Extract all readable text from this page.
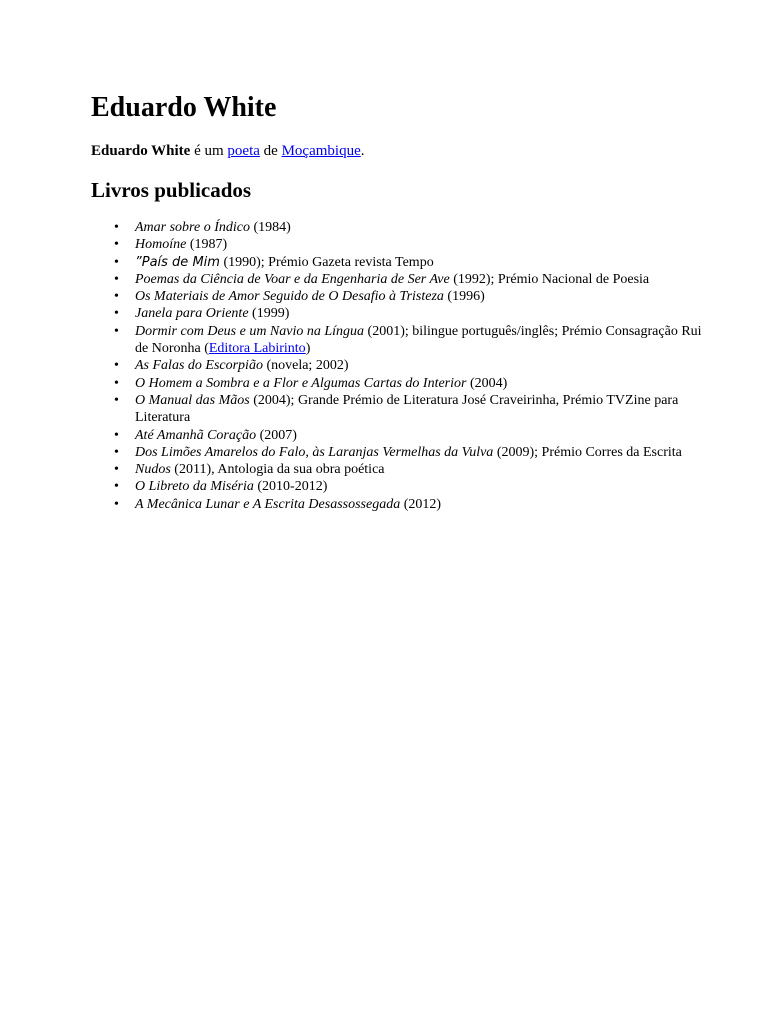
Eduardo White

Eduardo White é um poeta de Moçambique.

Livros publicados
• Amar sobre o Índico (1984)
• Homoíne (1987)
• ”País de Mim (1990); Prémio Gazeta revista Tempo
• Poemas da Ciência de Voar e da Engenharia de Ser Ave (1992); Prémio Nacional de Poesia
• Os Materiais de Amor Seguido de O Desafio à Tristeza (1996)
• Janela para Oriente (1999)
• Dormir com Deus e um Navio na Língua (2001); bilingue português/inglês; Prémio Consagração Rui de Noronha (Editora Labirinto)
• As Falas do Escorpião (novela; 2002)
• O Homem a Sombra e a Flor e Algumas Cartas do Interior (2004)
• O Manual das Mãos (2004); Grande Prémio de Literatura José Craveirinha, Prémio TVZine para Literatura
• Até Amanhã Coração (2007)
• Dos Limões Amarelos do Falo, às Laranjas Vermelhas da Vulva (2009); Prémio Corres da Escrita
• Nudos (2011), Antologia da sua obra poética
• O Libreto da Miséria (2010-2012)
• A Mecânica Lunar e A Escrita Desassossegada (2012)
